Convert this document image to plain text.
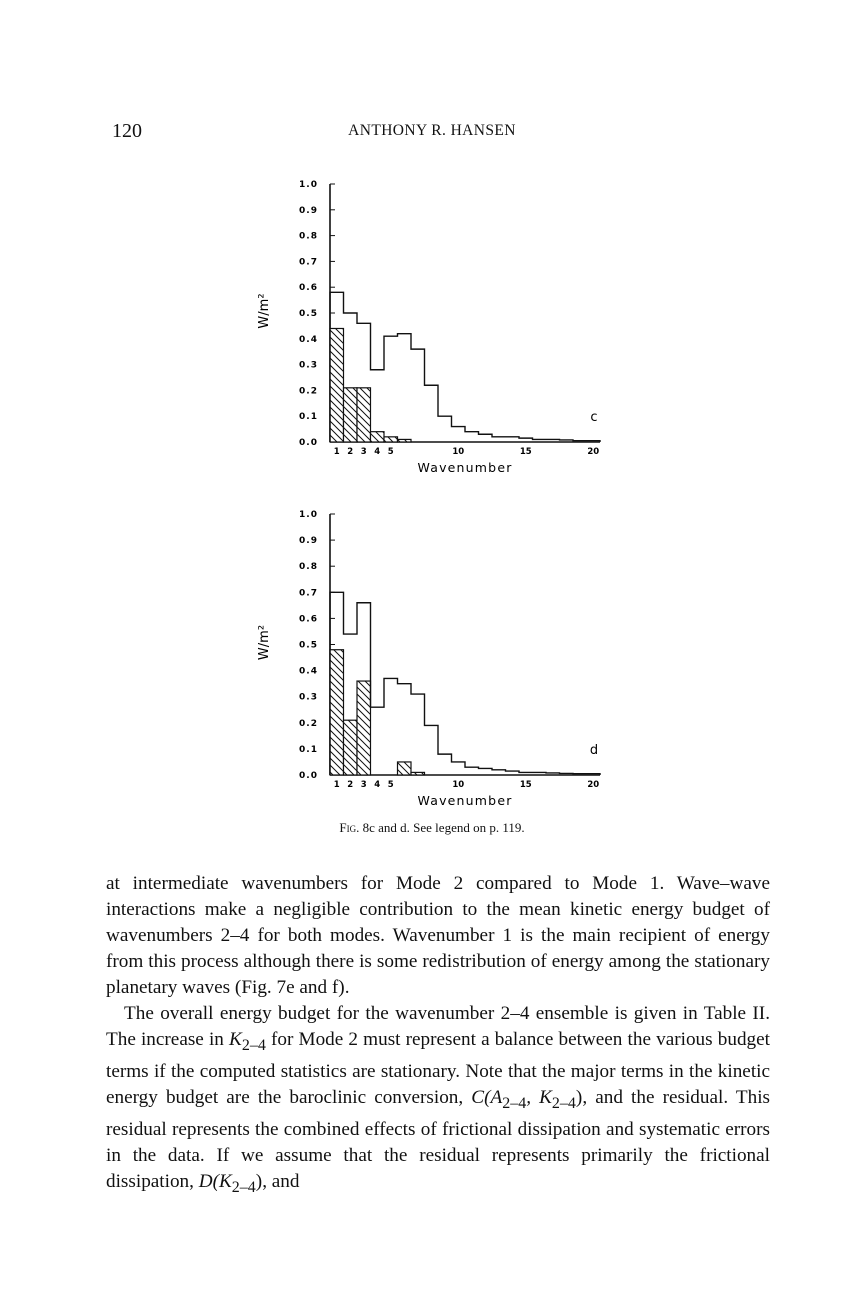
120	ANTHONY R. HANSEN
0.0
0.1
0.2
0.3
0.4
0.5
0.6
0.7
0.8
0.9
1.0
1 2 3 4 5	10	15	20
c
Wavenumber
W/m²
0.0
0.1
0.2
0.3
0.4
0.5
0.6
0.7
0.8
0.9
1.0
1 2 3 4 5	10	15	20
d
Wavenumber
W/m²
Fig. 8c and d. See legend on p. 119.

at intermediate wavenumbers for Mode 2 compared to Mode 1. Wave–wave interactions make a negligible contribution to the mean kinetic energy budget of wavenumbers 2–4 for both modes. Wavenumber 1 is the main recipient of energy from this process although there is some redistribution of energy among the stationary planetary waves (Fig. 7e and f).

The overall energy budget for the wavenumber 2–4 ensemble is given in Table II. The increase in $K_{2-4}$ for Mode 2 must represent a balance between the various budget terms if the computed statistics are stationary. Note that the major terms in the kinetic energy budget are the baroclinic conversion, $C(A_{2-4}$, $K_{2-4}$), and the residual. This residual represents the combined effects of frictional dissipation and systematic errors in the data. If we assume that the residual represents primarily the frictional dissipation, $D(K_{2-4})$, and
